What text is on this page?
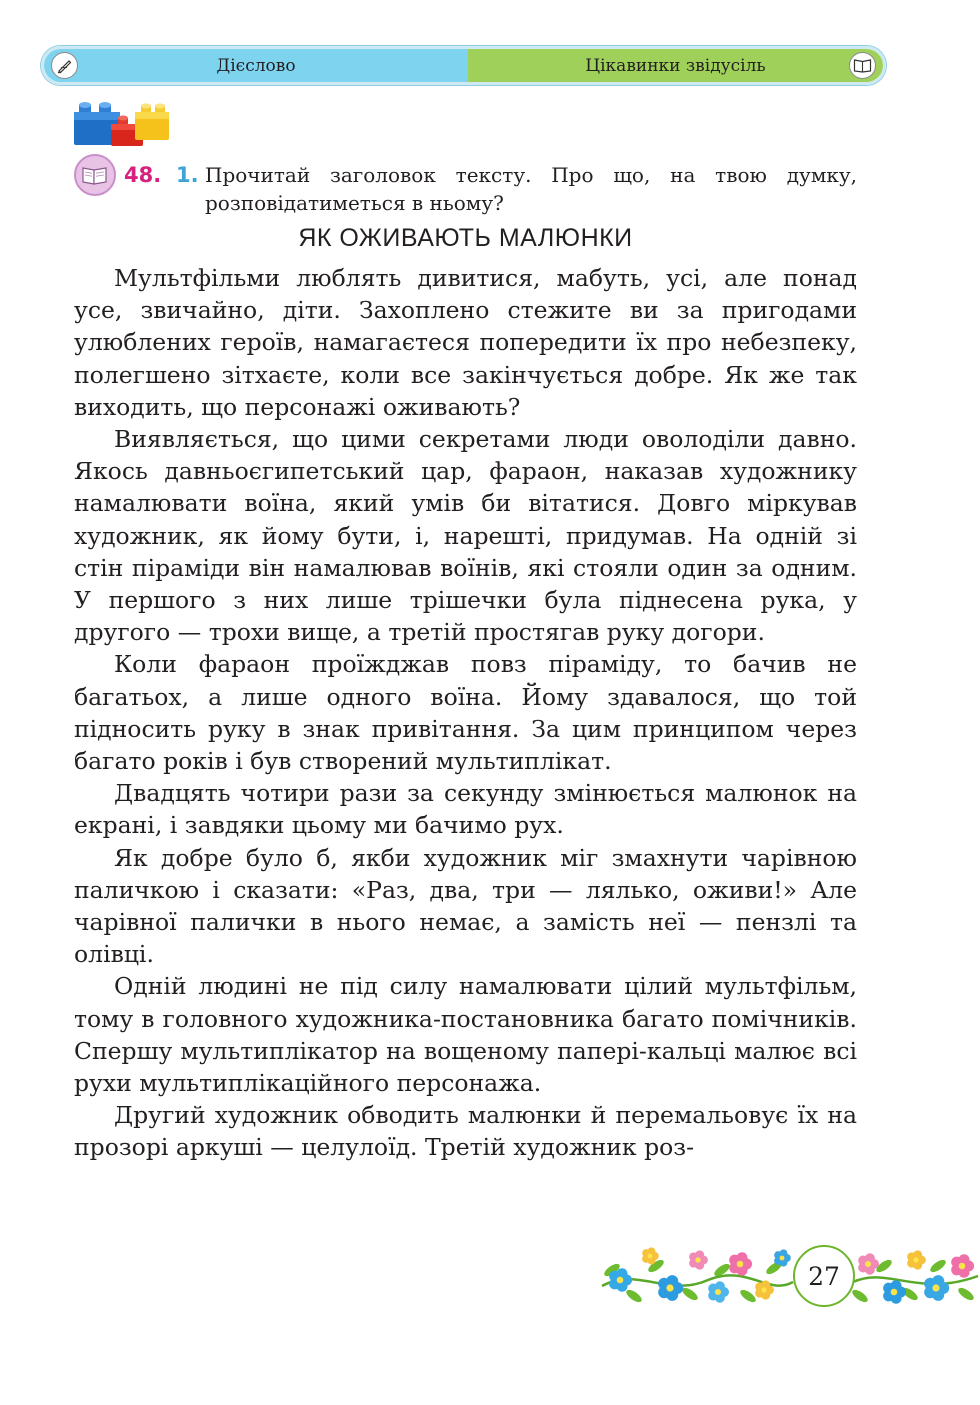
Дієслово	Цікавинки звідусіль
48. 1. Прочитай заголовок тексту. Про що, на твою думку, розповідатиметься в ньому?
ЯК ОЖИВАЮТЬ МАЛЮНКИ

Мультфільми люблять дивитися, мабуть, усі, але понад усе, звичайно, діти. Захоплено стежите ви за пригодами улюблених героїв, намагаєтеся попередити їх про небезпеку, полегшено зітхаєте, коли все закінчується добре. Як же так виходить, що персонажі оживають?

Виявляється, що цими секретами люди оволоділи давно. Якось давньоєгипетський цар, фараон, наказав художнику намалювати воїна, який умів би вітатися. Довго міркував художник, як йому бути, і, нарешті, придумав. На одній зі стін піраміди він намалював воїнів, які стояли один за одним. У першого з них лише трішечки була піднесена рука, у другого — трохи вище, а третій простягав руку догори.

Коли фараон проїжджав повз піраміду, то бачив не багатьох, а лише одного воїна. Йому здавалося, що той підносить руку в знак привітання. За цим принципом через багато років і був створений мультиплікат.

Двадцять чотири рази за секунду змінюється малюнок на екрані, і завдяки цьому ми бачимо рух.

Як добре було б, якби художник міг змахнути чарівною паличкою і сказати: «Раз, два, три — лялько, оживи!» Але чарівної палички в нього немає, а замість неї — пензлі та олівці.

Одній людині не під силу намалювати цілий мультфільм, тому в головного художника-постановника багато помічників. Спершу мультиплікатор на вощеному папері-кальці малює всі рухи мультиплікаційного персонажа.

Другий художник обводить малюнки й перемальовує їх на прозорі аркуші — целулоїд. Третій художник роз-

27
